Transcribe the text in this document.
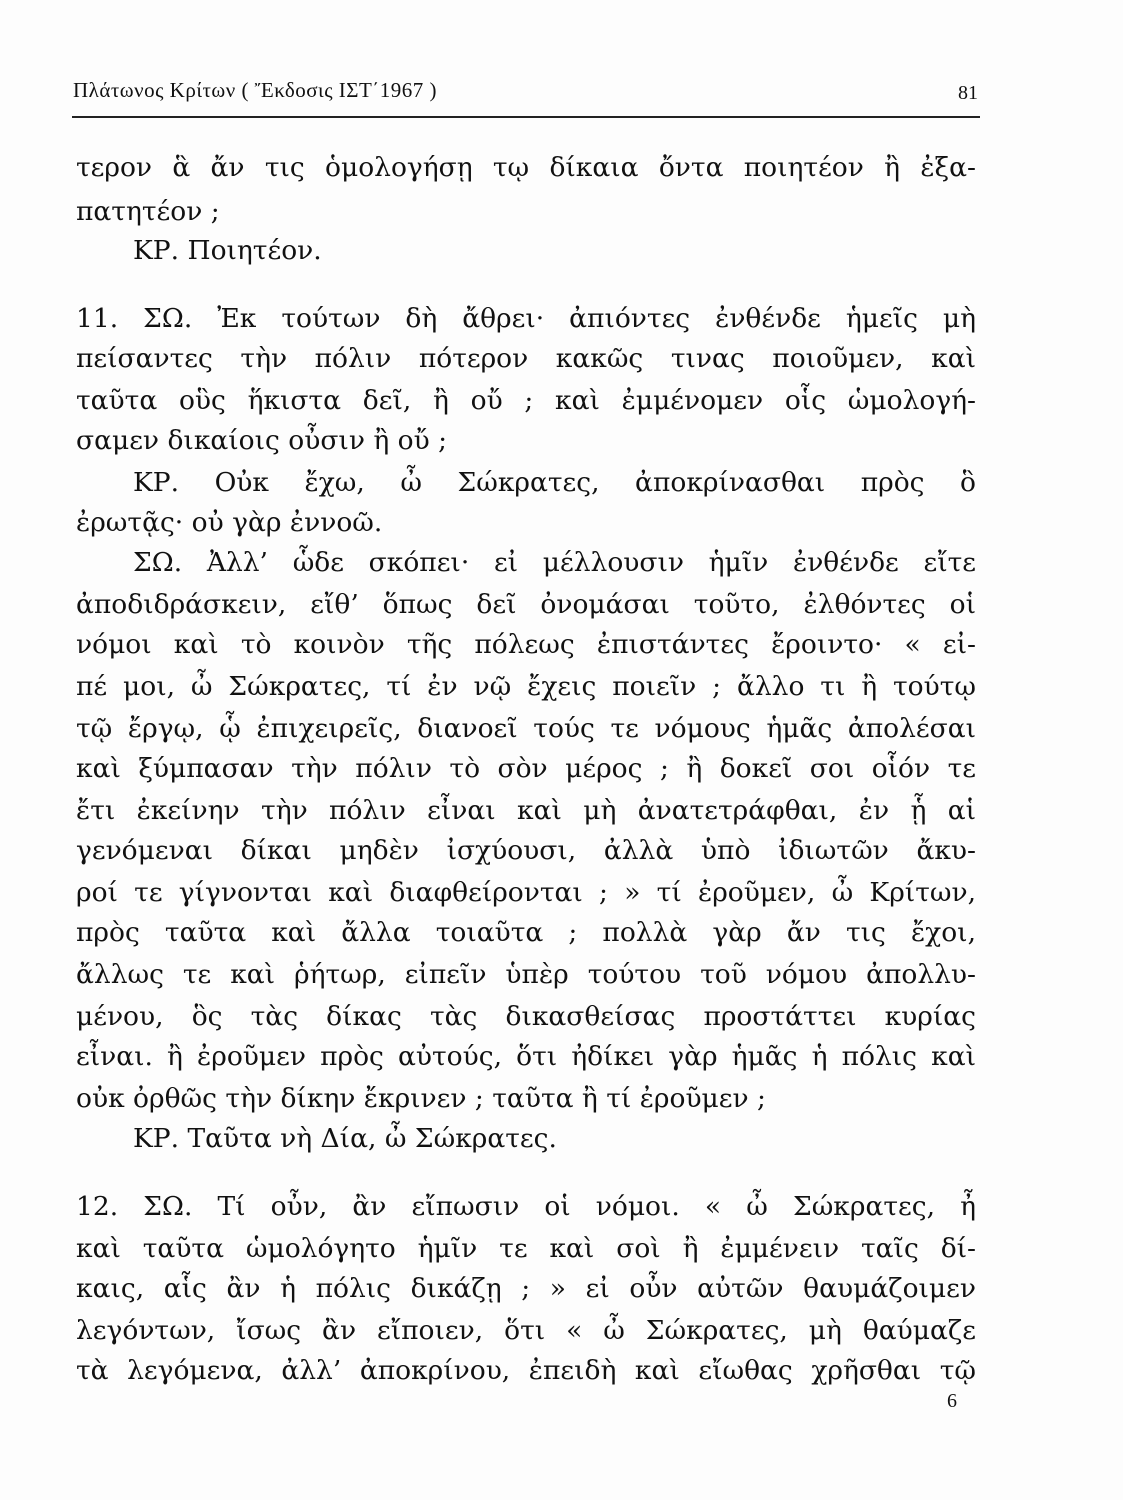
Πλάτωνος Κρίτων ( Ἔκδοσις ΙΣΤ΄1967 )	81
τερον ἃ ἄν τις ὁμολογήσῃ τῳ δίκαια ὄντα ποιητέον ἢ ἐξα-
πατητέον ;
ΚΡ. Ποιητέον.
11. ΣΩ. Ἐκ τούτων δὴ ἄθρει· ἀπιόντες ἐνθένδε ἡμεῖς μὴ
πείσαντες τὴν πόλιν πότερον κακῶς τινας ποιοῦμεν, καὶ
ταῦτα οὓς ἥκιστα δεῖ, ἢ οὔ ; καὶ ἐμμένομεν οἷς ὡμολογή-
σαμεν δικαίοις οὖσιν ἢ οὔ ;
ΚΡ. Οὐκ ἔχω, ὦ Σώκρατες, ἀποκρίνασθαι πρὸς ὃ
ἐρωτᾷς· οὐ γὰρ ἐννοῶ.
ΣΩ. Ἀλλ’ ὧδε σκόπει· εἰ μέλλουσιν ἡμῖν ἐνθένδε εἴτε
ἀποδιδράσκειν, εἴθ’ ὅπως δεῖ ὀνομάσαι τοῦτο, ἐλθόντες οἱ
νόμοι καὶ τὸ κοινὸν τῆς πόλεως ἐπιστάντες ἔροιντο· « εἰ-
πέ μοι, ὦ Σώκρατες, τί ἐν νῷ ἔχεις ποιεῖν ; ἄλλο τι ἢ τούτῳ
τῷ ἔργῳ, ᾧ ἐπιχειρεῖς, διανοεῖ τούς τε νόμους ἡμᾶς ἀπολέσαι
καὶ ξύμπασαν τὴν πόλιν τὸ σὸν μέρος ; ἢ δοκεῖ σοι οἷόν τε
ἔτι ἐκείνην τὴν πόλιν εἶναι καὶ μὴ ἀνατετράφθαι, ἐν ᾗ αἱ
γενόμεναι δίκαι μηδὲν ἰσχύουσι, ἀλλὰ ὑπὸ ἰδιωτῶν ἄκυ-
ροί τε γίγνονται καὶ διαφθείρονται ; » τί ἐροῦμεν, ὦ Κρίτων,
πρὸς ταῦτα καὶ ἄλλα τοιαῦτα ; πολλὰ γὰρ ἄν τις ἔχοι,
ἄλλως τε καὶ ῥήτωρ, εἰπεῖν ὑπὲρ τούτου τοῦ νόμου ἀπολλυ-
μένου, ὃς τὰς δίκας τὰς δικασθείσας προστάττει κυρίας
εἶναι. ἢ ἐροῦμεν πρὸς αὐτούς, ὅτι ἠδίκει γὰρ ἡμᾶς ἡ πόλις καὶ
οὐκ ὀρθῶς τὴν δίκην ἔκρινεν ; ταῦτα ἢ τί ἐροῦμεν ;
ΚΡ. Ταῦτα νὴ Δία, ὦ Σώκρατες.
12. ΣΩ. Τί οὖν, ἂν εἴπωσιν οἱ νόμοι. « ὦ Σώκρατες, ἦ
καὶ ταῦτα ὡμολόγητο ἡμῖν τε καὶ σοὶ ἢ ἐμμένειν ταῖς δί-
καις, αἷς ἂν ἡ πόλις δικάζῃ ; » εἰ οὖν αὐτῶν θαυμάζοιμεν
λεγόντων, ἴσως ἂν εἴποιεν, ὅτι « ὦ Σώκρατες, μὴ θαύμαζε
τὰ λεγόμενα, ἀλλ’ ἀποκρίνου, ἐπειδὴ καὶ εἴωθας χρῆσθαι τῷ
6
